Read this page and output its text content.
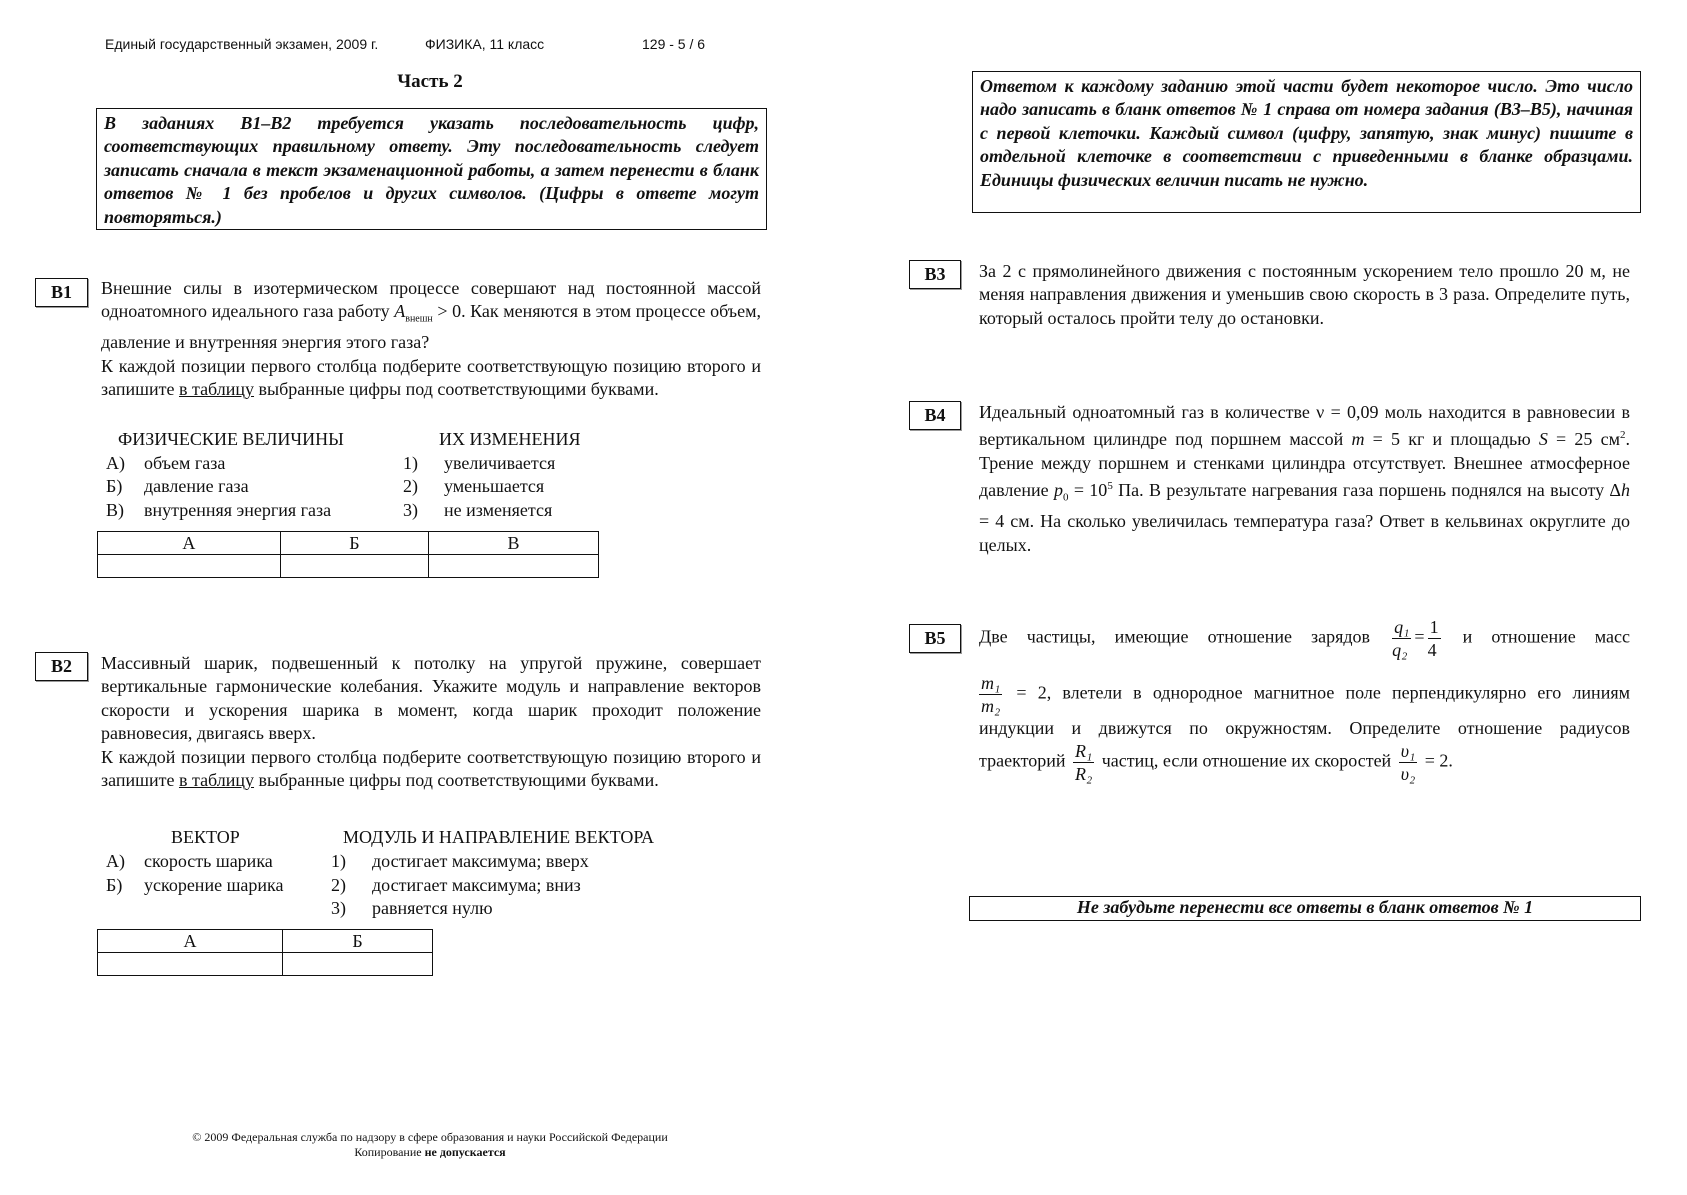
Единый государственный экзамен, 2009 г.	ФИЗИКА, 11 класс	129 - 5 / 6
Часть 2
В заданиях В1–В2 требуется указать последовательность цифр, соответствующих правильному ответу. Эту последовательность следует записать сначала в текст экзаменационной работы, а затем перенести в бланк ответов № 1 без пробелов и других символов. (Цифры в ответе могут повторяться.)
Ответом к каждому заданию этой части будет некоторое число. Это число надо записать в бланк ответов № 1 справа от номера задания (В3–В5), начиная с первой клеточки. Каждый символ (цифру, запятую, знак минус) пишите в отдельной клеточке в соответствии с приведенными в бланке образцами. Единицы физических величин писать не нужно.
B1	Внешние силы в изотермическом процессе совершают над постоянной массой одноатомного идеального газа работу $A_{внешн} > 0$. Как меняются в этом процессе объем, давление и внутренняя энергия этого газа?

К каждой позиции первого столбца подберите соответствующую позицию второго и запишите в таблицу выбранные цифры под соответствующими буквами.

ФИЗИЧЕСКИЕ ВЕЛИЧИНЫ	ИХ ИЗМЕНЕНИЯ
А) объем газа
Б) давление газа
В) внутренняя энергия газа
1) увеличивается
2) уменьшается
3) не изменяется
А	Б	В

B2	Массивный шарик, подвешенный к потолку на упругой пружине, совершает вертикальные гармонические колебания. Укажите модуль и направление векторов скорости и ускорения шарика в момент, когда шарик проходит положение равновесия, двигаясь вверх.

К каждой позиции первого столбца подберите соответствующую позицию второго и запишите в таблицу выбранные цифры под соответствующими буквами.

ВЕКТОР	МОДУЛЬ И НАПРАВЛЕНИЕ ВЕКТОРА
А) скорость шарика
Б) ускорение шарика
1) достигает максимума; вверх
2) достигает максимума; вниз
3) равняется нулю
А	Б

B3	За 2 с прямолинейного движения с постоянным ускорением тело прошло 20 м, не меняя направления движения и уменьшив свою скорость в 3 раза. Определите путь, который осталось пройти телу до остановки.
B4	Идеальный одноатомный газ в количестве ν = 0,09 моль находится в равновесии в вертикальном цилиндре под поршнем массой m = 5 кг и площадью S = 25 $см^2$. Трение между поршнем и стенками цилиндра отсутствует. Внешнее атмосферное давление $p_0 = 10^5$ Па. В результате нагревания газа поршень поднялся на высоту Δh = 4 см. На сколько увеличилась температура газа? Ответ в кельвинах округлите до целых.
B5	Две частицы, имеющие отношение зарядов $\frac{\text{q₁}}{\text{q₂}} = \frac{1}{4}$ и отношение масс
$\frac{\text{m₁}}{\text{m₂}} = 2$, влетели в однородное магнитное поле перпендикулярно его линиям индукции и движутся по окружностям. Определите отношение радиусов траекторий $\frac{\text{R₁}}{\text{R₂}}$ частиц, если отношение их скоростей $\frac{\text{υ₁}}{\text{υ₂}} = 2$.
Не забудьте перенести все ответы в бланк ответов № 1
© 2009 Федеральная служба по надзору в сфере образования и науки Российской Федерации
Копирование не допускается
